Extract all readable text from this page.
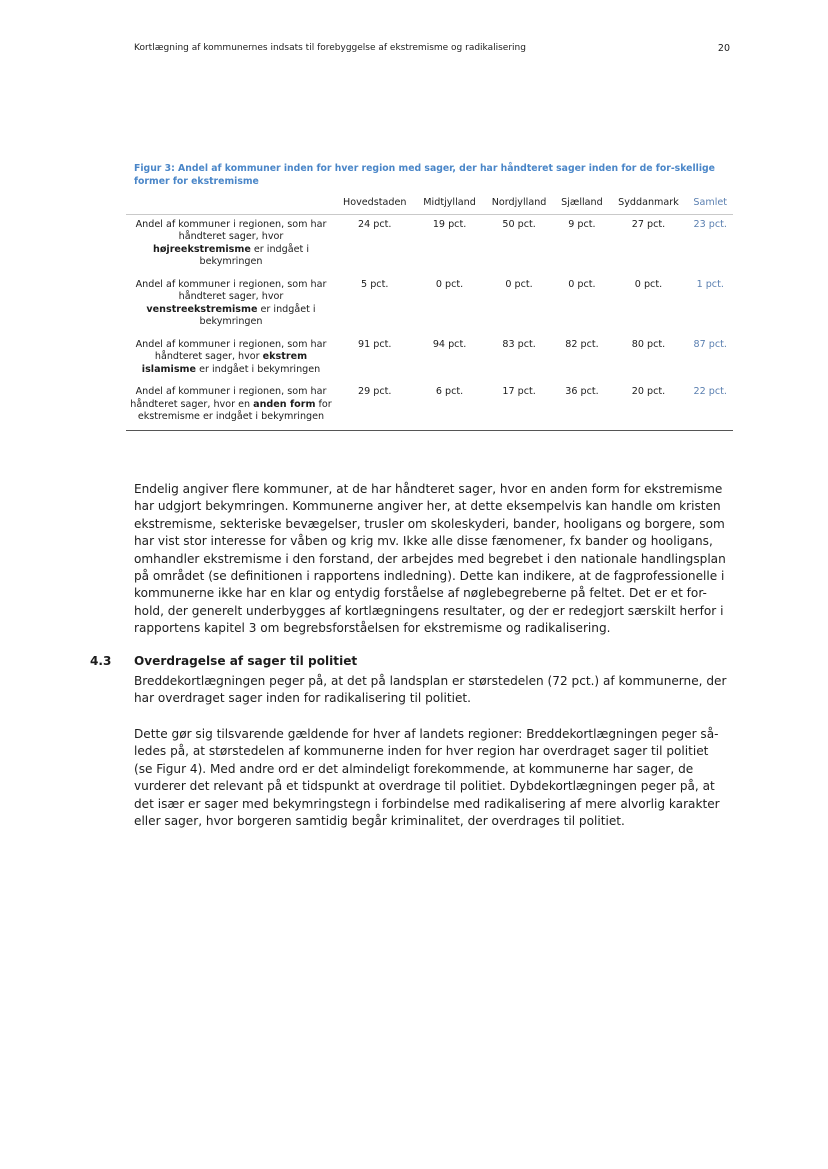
Kortlægning af kommunernes indsats til forebyggelse af ekstremisme og radikalisering	20
Figur 3: Andel af kommuner inden for hver region med sager, der har håndteret sager inden for de for-skellige former for ekstremisme
	Hovedstaden	Midtjylland	Nordjylland	Sjælland	Syddanmark	Samlet
Andel af kommuner i regionen, som har håndteret sager, hvor højreekstremisme er indgået i bekymringen	24 pct.	19 pct.	50 pct.	9 pct.	27 pct.	23 pct.
Andel af kommuner i regionen, som har håndteret sager, hvor venstreekstremisme er indgået i bekymringen	5 pct.	0 pct.	0 pct.	0 pct.	0 pct.	1 pct.
Andel af kommuner i regionen, som har håndteret sager, hvor ekstrem islamisme er indgået i bekymringen	91 pct.	94 pct.	83 pct.	82 pct.	80 pct.	87 pct.
Andel af kommuner i regionen, som har håndteret sager, hvor en anden form for ekstremisme er indgået i bekymringen	29 pct.	6 pct.	17 pct.	36 pct.	20 pct.	22 pct.

Endelig angiver flere kommuner, at de har håndteret sager, hvor en anden form for ekstremisme har udgjort bekymringen. Kommunerne angiver her, at dette eksempelvis kan handle om kristen ekstremisme, sekteriske bevægelser, trusler om skoleskyderi, bander, hooligans og borgere, som har vist stor interesse for våben og krig mv. Ikke alle disse fænomener, fx bander og hooligans, omhandler ekstremisme i den forstand, der arbejdes med begrebet i den nationale handlingsplan på området (se definitionen i rapportens indledning). Dette kan indikere, at de fagprofessionelle i kommunerne ikke har en klar og entydig forståelse af nøglebegreberne på feltet. Det er et for-hold, der generelt underbygges af kortlægningens resultater, og der er redegjort særskilt herfor i rapportens kapitel 3 om begrebsforståelsen for ekstremisme og radikalisering.

4.3 Overdragelse af sager til politiet

Breddekortlægningen peger på, at det på landsplan er størstedelen (72 pct.) af kommunerne, der har overdraget sager inden for radikalisering til politiet.

Dette gør sig tilsvarende gældende for hver af landets regioner: Breddekortlægningen peger så-ledes på, at størstedelen af kommunerne inden for hver region har overdraget sager til politiet (se Figur 4). Med andre ord er det almindeligt forekommende, at kommunerne har sager, de vurderer det relevant på et tidspunkt at overdrage til politiet. Dybdekortlægningen peger på, at det især er sager med bekymringstegn i forbindelse med radikalisering af mere alvorlig karakter eller sager, hvor borgeren samtidig begår kriminalitet, der overdrages til politiet.
